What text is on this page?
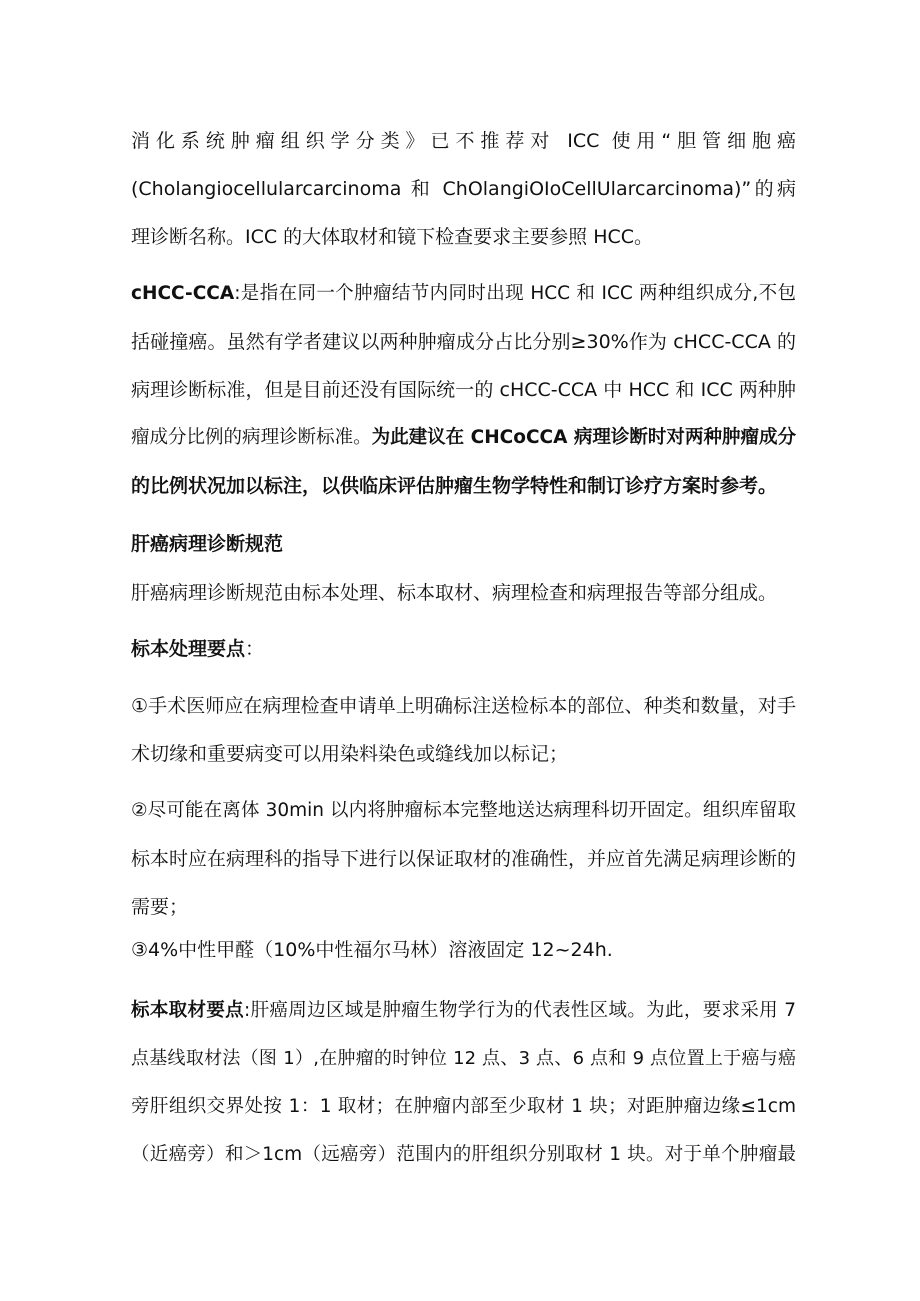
消化系统肿瘤组织学分类》已不推荐对 ICC 使用“胆管细胞癌
(Cholangiocellularcarcinoma 和 ChOlangiOIoCellUlarcarcinoma)”的病
理诊断名称。ICC 的大体取材和镜下检查要求主要参照 HCC。
cHCC-CCA:是指在同一个肿瘤结节内同时出现 HCC 和 ICC 两种组织成分,不包
括碰撞癌。虽然有学者建议以两种肿瘤成分占比分别≥30%作为 cHCC-CCA 的
病理诊断标准，但是目前还没有国际统一的 cHCC-CCA 中 HCC 和 ICC 两种肿
瘤成分比例的病理诊断标准。为此建议在 CHCoCCA 病理诊断时对两种肿瘤成分
的比例状况加以标注，以供临床评估肿瘤生物学特性和制订诊疗方案时参考。
肝癌病理诊断规范
肝癌病理诊断规范由标本处理、标本取材、病理检查和病理报告等部分组成。
标本处理要点：
①手术医师应在病理检查申请单上明确标注送检标本的部位、种类和数量，对手
术切缘和重要病变可以用染料染色或缝线加以标记；
②尽可能在离体 30min 以内将肿瘤标本完整地送达病理科切开固定。组织库留取
标本时应在病理科的指导下进行以保证取材的准确性，并应首先满足病理诊断的
需要；
③4%中性甲醛（10%中性福尔马林）溶液固定 12~24h.
标本取材要点:肝癌周边区域是肿瘤生物学行为的代表性区域。为此，要求采用 7
点基线取材法（图 1）,在肿瘤的时钟位 12 点、3 点、6 点和 9 点位置上于癌与癌
旁肝组织交界处按 1：1 取材；在肿瘤内部至少取材 1 块；对距肿瘤边缘≤1cm
（近癌旁）和＞1cm（远癌旁）范围内的肝组织分别取材 1 块。对于单个肿瘤最
